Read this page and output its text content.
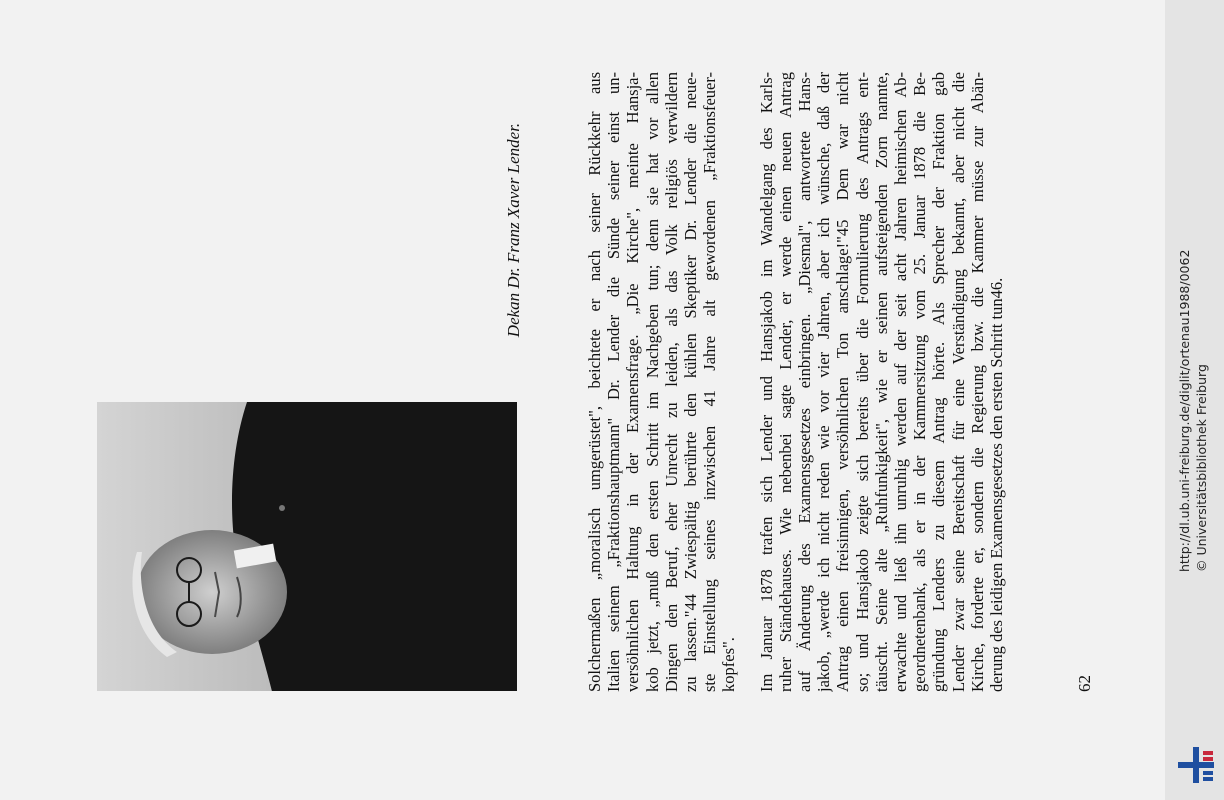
Dekan Dr. Franz Xaver Lender.	Solchermaßen „moralisch umgerüstet", beichtete er nach seiner Rückkehr aus Italien seinem „Fraktionshauptmann" Dr. Lender die Sünde seiner einst un- versöhnlichen Haltung in der Examensfrage. „Die Kirche", meinte Hansja- kob jetzt, „muß den ersten Schritt im Nachgeben tun; denn sie hat vor allen Dingen den Beruf, eher Unrecht zu leiden, als das Volk religiös verwildern zu lassen."44 Zwiespältig berührte den kühlen Skeptiker Dr. Lender die neue- ste Einstellung seines inzwischen 41 Jahre alt gewordenen „Fraktionsfeuer- kopfes". Im Januar 1878 trafen sich Lender und Hansjakob im Wandelgang des Karls- ruher Ständehauses. Wie nebenbei sagte Lender, er werde einen neuen Antrag auf Änderung des Examensgesetzes einbringen. „Diesmal", antwortete Hans- jakob, „werde ich nicht reden wie vor vier Jahren, aber ich wünsche, daß der Antrag einen freisinnigen, versöhnlichen Ton anschlage!"45 Dem war nicht so; und Hansjakob zeigte sich bereits über die Formulierung des Antrags ent- täuscht. Seine alte „Ruhfunkigkeit", wie er seinen aufsteigenden Zorn nannte, erwachte und ließ ihn unruhig werden auf der seit acht Jahren heimischen Ab- geordnetenbank, als er in der Kammersitzung vom 25. Januar 1878 die Be- gründung Lenders zu diesem Antrag hörte. Als Sprecher der Fraktion gab Lender zwar seine Bereitschaft für eine Verständigung bekannt, aber nicht die Kirche, forderte er, sondern die Regierung bzw. die Kammer müsse zur Abän- derung des leidigen Examensgesetzes den ersten Schritt tun46.	62
http://dl.ub.uni-freiburg.de/diglit/ortenau1988/0062 © Universitätsbibliothek Freiburg
